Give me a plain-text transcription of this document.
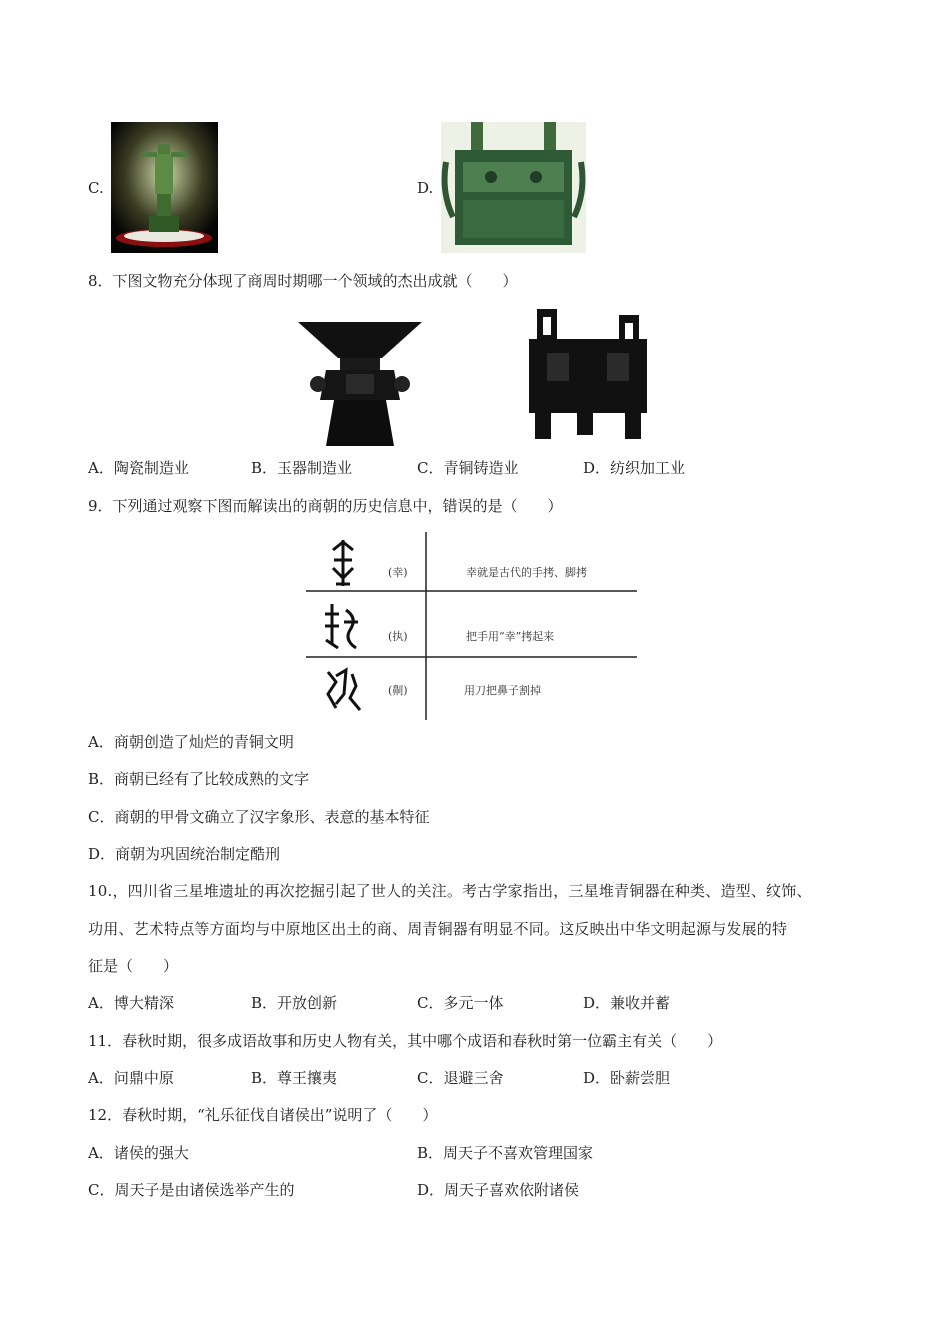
C.	D.
8．下图文物充分体现了商周时期哪一个领域的杰出成就（　　）
A．陶瓷制造业	B．玉器制造业	C．青铜铸造业	D．纺织加工业
9．下列通过观察下图而解读出的商朝的历史信息中，错误的是（　　）
(幸)	幸就是古代的手拷、脚拷
(执)	把手用“幸”拷起来
(劓)	用刀把鼻子割掉
A．商朝创造了灿烂的青铜文明
B．商朝已经有了比较成熟的文字
C．商朝的甲骨文确立了汉字象形、表意的基本特征
D．商朝为巩固统治制定酷刑
10.，四川省三星堆遗址的再次挖掘引起了世人的关注。考古学家指出，三星堆青铜器在种类、造型、纹饰、
功用、艺术特点等方面均与中原地区出土的商、周青铜器有明显不同。这反映出中华文明起源与发展的特
征是（　　）
A．博大精深	B．开放创新	C．多元一体	D．兼收并蓄
11．春秋时期，很多成语故事和历史人物有关，其中哪个成语和春秋时第一位霸主有关（　　）
A．问鼎中原	B．尊王攘夷	C．退避三舍	D．卧薪尝胆
12．春秋时期，“礼乐征伐自诸侯出”说明了（　　）
A．诸侯的强大	B．周天子不喜欢管理国家
C．周天子是由诸侯选举产生的	D．周天子喜欢依附诸侯
